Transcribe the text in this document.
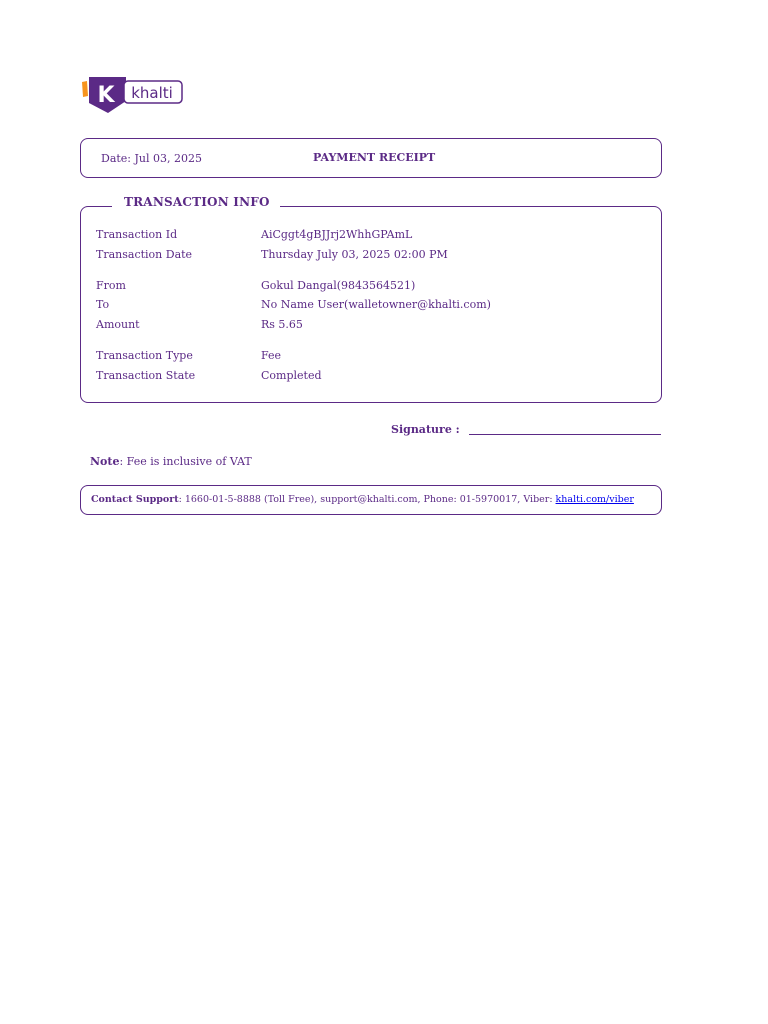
K khalti
Date: Jul 03, 2025	PAYMENT RECEIPT
Transaction Id	AiCggt4gBJJrj2WhhGPAmL
Transaction Date	Thursday July 03, 2025 02:00 PM
From	Gokul Dangal(9843564521)
To	No Name User(walletowner@khalti.com)
Amount	Rs 5.65
Transaction Type	Fee
Transaction State	Completed
TRANSACTION INFO
Signature :
Note: Fee is inclusive of VAT
Contact Support: 1660-01-5-8888 (Toll Free), support@khalti.com, Phone: 01-5970017, Viber: khalti.com/viber
